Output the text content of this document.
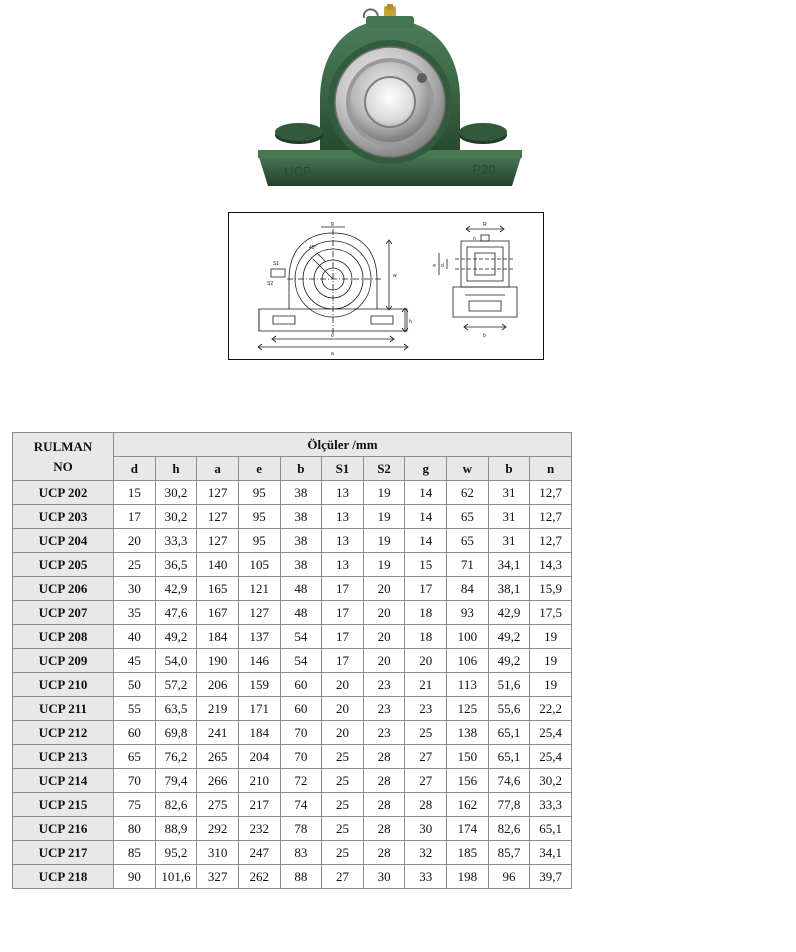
UCP	P20
45°
S1
S2
w
h
o
a
g	R
n
d
e
b
RULMAN
NO	Ölçüler /mm										
	d	h	a	e	b	S1	S2	g	w	b	n
UCP 202	15	30,2	127	95	38	13	19	14	62	31	12,7
UCP 203	17	30,2	127	95	38	13	19	14	65	31	12,7
UCP 204	20	33,3	127	95	38	13	19	14	65	31	12,7
UCP 205	25	36,5	140	105	38	13	19	15	71	34,1	14,3
UCP 206	30	42,9	165	121	48	17	20	17	84	38,1	15,9
UCP 207	35	47,6	167	127	48	17	20	18	93	42,9	17,5
UCP 208	40	49,2	184	137	54	17	20	18	100	49,2	19
UCP 209	45	54,0	190	146	54	17	20	20	106	49,2	19
UCP 210	50	57,2	206	159	60	20	23	21	113	51,6	19
UCP 211	55	63,5	219	171	60	20	23	23	125	55,6	22,2
UCP 212	60	69,8	241	184	70	20	23	25	138	65,1	25,4
UCP 213	65	76,2	265	204	70	25	28	27	150	65,1	25,4
UCP 214	70	79,4	266	210	72	25	28	27	156	74,6	30,2
UCP 215	75	82,6	275	217	74	25	28	28	162	77,8	33,3
UCP 216	80	88,9	292	232	78	25	28	30	174	82,6	65,1
UCP 217	85	95,2	310	247	83	25	28	32	185	85,7	34,1
UCP 218	90	101,6	327	262	88	27	30	33	198	96	39,7
